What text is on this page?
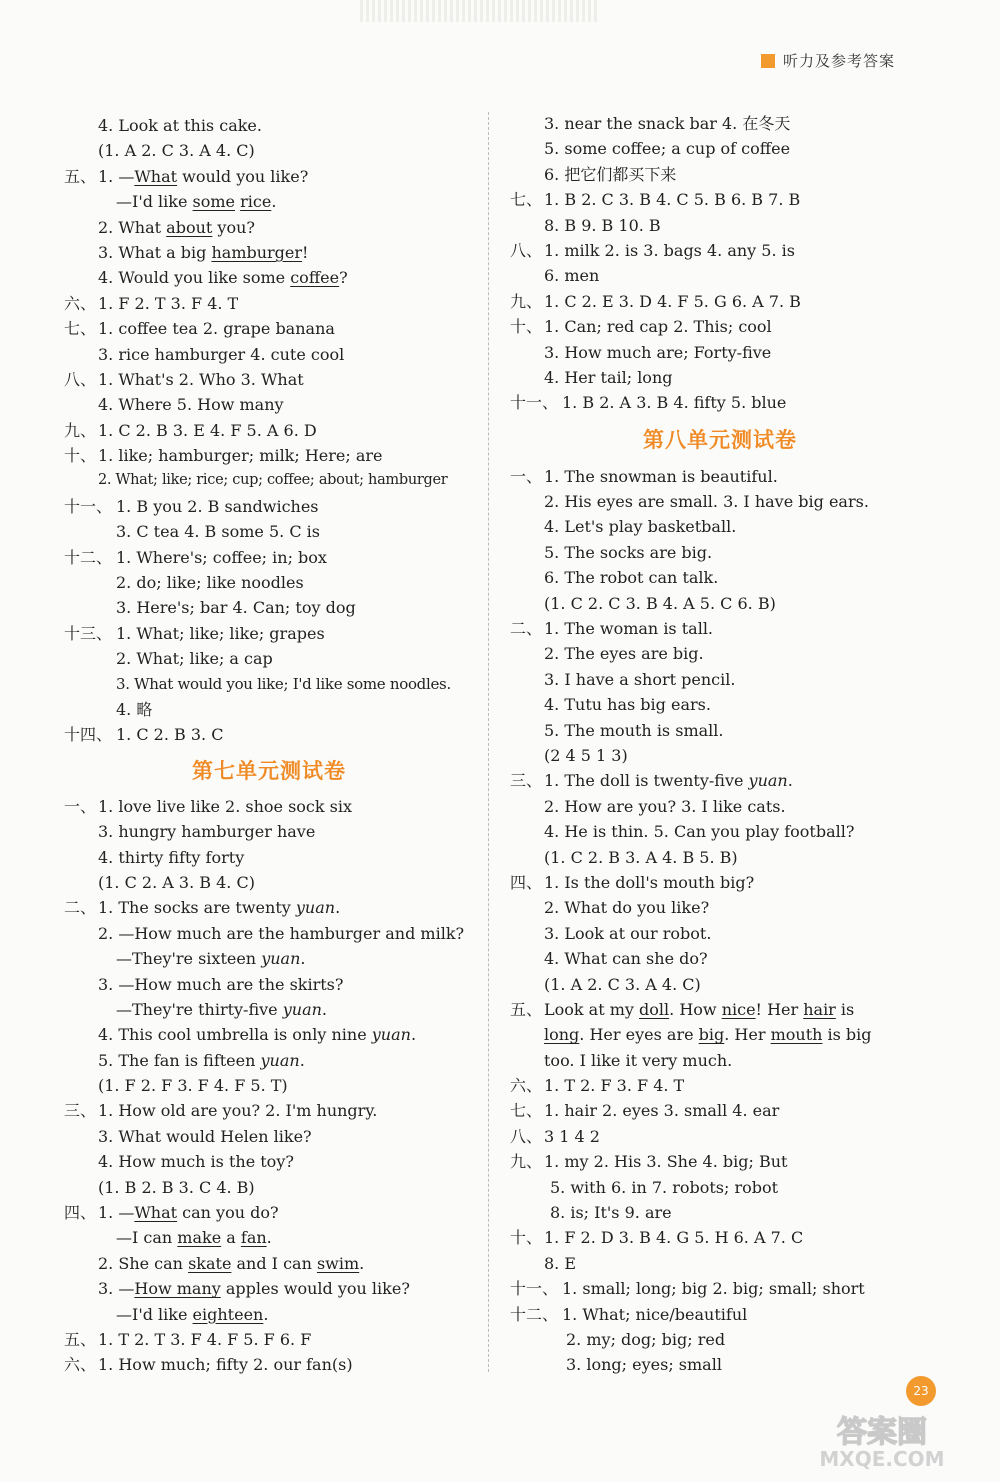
听力及参考答案
4. Look at this cake.
(1. A 2. C 3. A 4. C)
五、 1. —What would you like?
—I'd like some rice.
2. What about you?
3. What a big hamburger!
4. Would you like some coffee?
六、 1. F 2. T 3. F 4. T
七、 1. coffee tea 2. grape banana
3. rice hamburger 4. cute cool
八、 1. What's 2. Who 3. What
4. Where 5. How many
九、 1. C 2. B 3. E 4. F 5. A 6. D
十、 1. like; hamburger; milk; Here; are
2. What; like; rice; cup; coffee; about; hamburger
十一、 1. B you 2. B sandwiches
3. C tea 4. B some 5. C is
十二、 1. Where's; coffee; in; box
2. do; like; like noodles
3. Here's; bar 4. Can; toy dog
十三、 1. What; like; like; grapes
2. What; like; a cap
3. What would you like; I'd like some noodles.
4. 略
十四、 1. C 2. B 3. C

第七单元测试卷

一、 1. love live like 2. shoe sock six
3. hungry hamburger have
4. thirty fifty forty
(1. C 2. A 3. B 4. C)
二、 1. The socks are twenty yuan.
2. —How much are the hamburger and milk?
—They're sixteen yuan.
3. —How much are the skirts?
—They're thirty-five yuan.
4. This cool umbrella is only nine yuan.
5. The fan is fifteen yuan.
(1. F 2. F 3. F 4. F 5. T)
三、 1. How old are you? 2. I'm hungry.
3. What would Helen like?
4. How much is the toy?
(1. B 2. B 3. C 4. B)
四、 1. —What can you do?
—I can make a fan.
2. She can skate and I can swim.
3. —How many apples would you like?
—I'd like eighteen.
五、 1. T 2. T 3. F 4. F 5. F 6. F
六、 1. How much; fifty 2. our fan(s)
3. near the snack bar 4. 在冬天
5. some coffee; a cup of coffee
6. 把它们都买下来
七、 1. B 2. C 3. B 4. C 5. B 6. B 7. B
8. B 9. B 10. B
八、 1. milk 2. is 3. bags 4. any 5. is
6. men
九、 1. C 2. E 3. D 4. F 5. G 6. A 7. B
十、 1. Can; red cap 2. This; cool
3. How much are; Forty-five
4. Her tail; long
十一、 1. B 2. A 3. B 4. fifty 5. blue

第八单元测试卷

一、 1. The snowman is beautiful.
2. His eyes are small. 3. I have big ears.
4. Let's play basketball.
5. The socks are big.
6. The robot can talk.
(1. C 2. C 3. B 4. A 5. C 6. B)
二、 1. The woman is tall.
2. The eyes are big.
3. I have a short pencil.
4. Tutu has big ears.
5. The mouth is small.
(2 4 5 1 3)
三、 1. The doll is twenty-five yuan.
2. How are you? 3. I like cats.
4. He is thin. 5. Can you play football?
(1. C 2. B 3. A 4. B 5. B)
四、 1. Is the doll's mouth big?
2. What do you like?
3. Look at our robot.
4. What can she do?
(1. A 2. C 3. A 4. C)
五、 Look at my doll. How nice! Her hair is
long. Her eyes are big. Her mouth is big
too. I like it very much.
六、 1. T 2. F 3. F 4. T
七、 1. hair 2. eyes 3. small 4. ear
八、 3 1 4 2
九、 1. my 2. His 3. She 4. big; But
5. with 6. in 7. robots; robot
8. is; It's 9. are
十、 1. F 2. D 3. B 4. G 5. H 6. A 7. C
8. E
十一、 1. small; long; big 2. big; small; short
十二、 1. What; nice/beautiful
2. my; dog; big; red
3. long; eyes; small
23
答案圈
MXQE.COM
